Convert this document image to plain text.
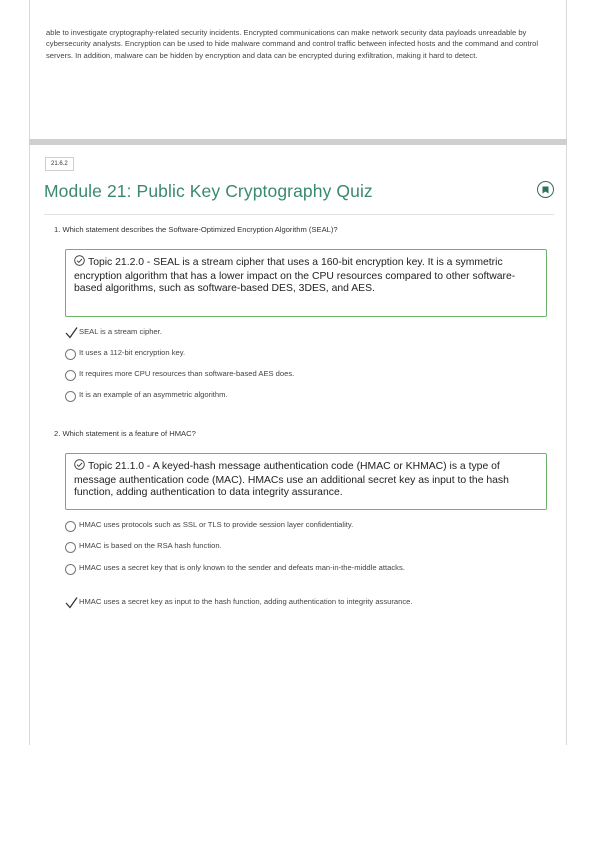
able to investigate cryptography-related security incidents. Encrypted communications can make network security data payloads unreadable by cybersecurity analysts. Encryption can be used to hide malware command and control traffic between infected hosts and the command and control servers. In addition, malware can be hidden by encryption and data can be encrypted during exfiltration, making it hard to detect.

21.6.2
Module 21: Public Key Cryptography Quiz

1. Which statement describes the Software-Optimized Encryption Algorithm (SEAL)?

Topic 21.2.0 - SEAL is a stream cipher that uses a 160-bit encryption key. It is a symmetric encryption algorithm that has a lower impact on the CPU resources compared to other software-based algorithms, such as software-based DES, 3DES, and AES.
SEAL is a stream cipher.
It uses a 112-bit encryption key.
It requires more CPU resources than software-based AES does.
It is an example of an asymmetric algorithm.

2. Which statement is a feature of HMAC?

Topic 21.1.0 - A keyed-hash message authentication code (HMAC or KHMAC) is a type of message authentication code (MAC). HMACs use an additional secret key as input to the hash function, adding authentication to data integrity assurance.
HMAC uses protocols such as SSL or TLS to provide session layer confidentiality.
HMAC is based on the RSA hash function.
HMAC uses a secret key that is only known to the sender and defeats man-in-the-middle attacks.
HMAC uses a secret key as input to the hash function, adding authentication to integrity assurance.
